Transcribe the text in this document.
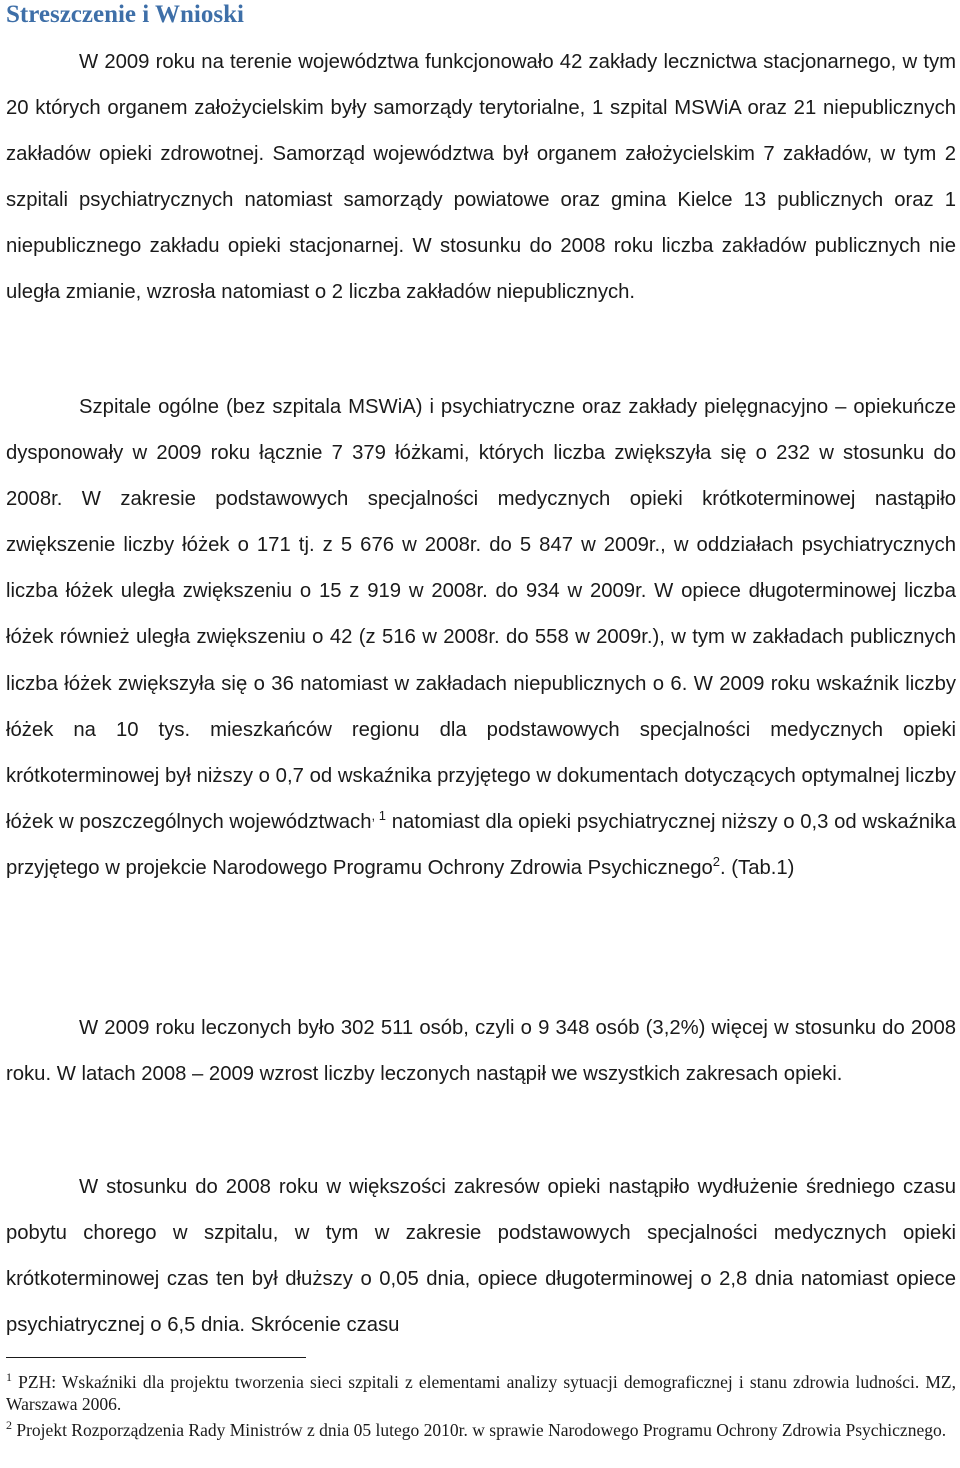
Streszczenie i Wnioski

W 2009 roku na terenie województwa funkcjonowało 42 zakłady lecznictwa stacjonarnego, w tym 20 których organem założycielskim były samorządy terytorialne, 1 szpital MSWiA oraz 21 niepublicznych zakładów opieki zdrowotnej. Samorząd województwa był organem założycielskim 7 zakładów, w tym 2 szpitali psychiatrycznych natomiast samorządy powiatowe oraz gmina Kielce 13 publicznych oraz 1 niepublicznego zakładu opieki stacjonarnej. W stosunku do 2008 roku liczba zakładów publicznych nie uległa zmianie, wzrosła natomiast o 2 liczba zakładów niepublicznych.

Szpitale ogólne (bez szpitala MSWiA) i psychiatryczne oraz zakłady pielęgnacyjno – opiekuńcze dysponowały w 2009 roku łącznie 7 379 łóżkami, których liczba zwiększyła się o 232 w stosunku do 2008r. W zakresie podstawowych specjalności medycznych opieki krótkoterminowej nastąpiło zwiększenie liczby łóżek o 171 tj. z 5 676 w 2008r. do 5 847 w 2009r., w oddziałach psychiatrycznych liczba łóżek uległa zwiększeniu o 15 z 919 w 2008r. do 934 w 2009r. W opiece długoterminowej liczba łóżek również uległa zwiększeniu o 42 (z 516 w 2008r. do 558 w 2009r.), w tym w zakładach publicznych liczba łóżek zwiększyła się o 36 natomiast w zakładach niepublicznych o 6. W 2009 roku wskaźnik liczby łóżek na 10 tys. mieszkańców regionu dla podstawowych specjalności medycznych opieki krótkoterminowej był niższy o 0,7 od wskaźnika przyjętego w dokumentach dotyczących optymalnej liczby łóżek w poszczególnych województwach$^{, 1}$ natomiast dla opieki psychiatrycznej niższy o 0,3 od wskaźnika przyjętego w projekcie Narodowego Programu Ochrony Zdrowia Psychicznego$^2$. (Tab.1)

W 2009 roku leczonych było 302 511 osób, czyli o 9 348 osób (3,2%) więcej w stosunku do 2008 roku. W latach 2008 – 2009 wzrost liczby leczonych nastąpił we wszystkich zakresach opieki.

W stosunku do 2008 roku w większości zakresów opieki nastąpiło wydłużenie średniego czasu pobytu chorego w szpitalu, w tym w zakresie podstawowych specjalności medycznych opieki krótkoterminowej czas ten był dłuższy o 0,05 dnia, opiece długoterminowej o 2,8 dnia natomiast opiece psychiatrycznej o 6,5 dnia. Skrócenie czasu

$^1$ PZH: Wskaźniki dla projektu tworzenia sieci szpitali z elementami analizy sytuacji demograficznej i stanu zdrowia ludności. MZ, Warszawa 2006.

$^2$ Projekt Rozporządzenia Rady Ministrów z dnia 05 lutego 2010r. w sprawie Narodowego Programu Ochrony Zdrowia Psychicznego.
